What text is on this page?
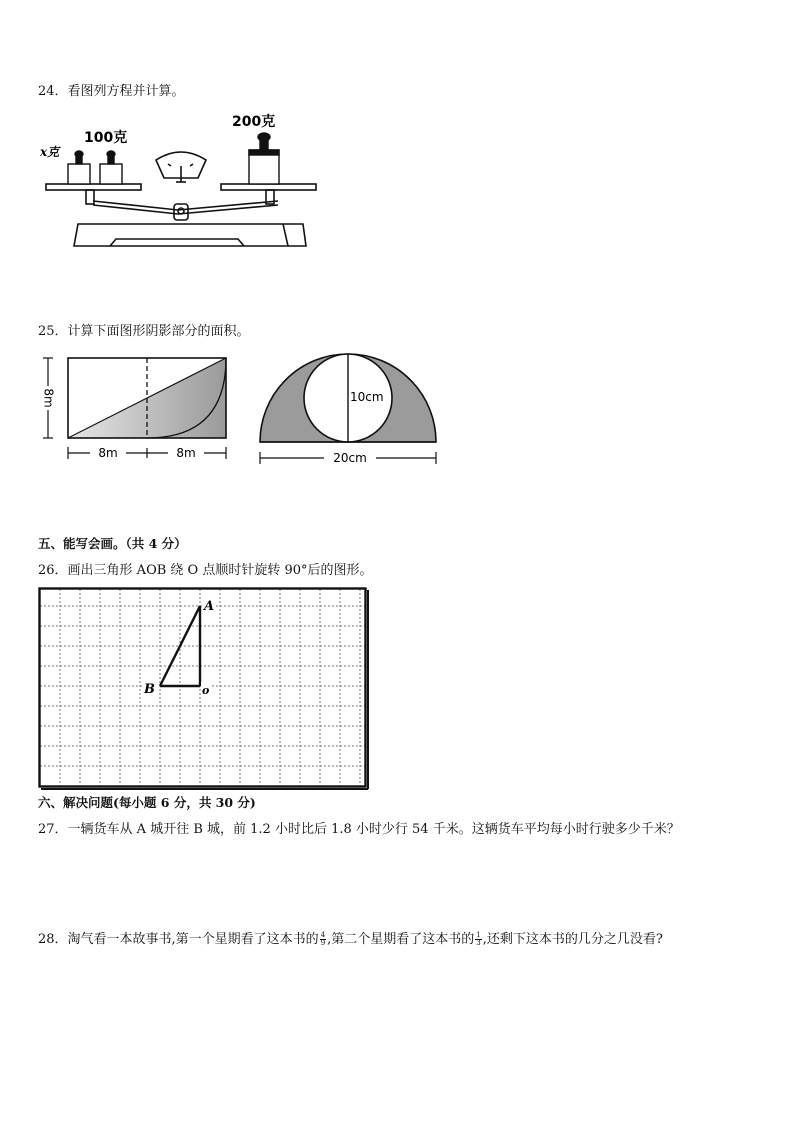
24．看图列方程并计算。
x克
100克
200克
25．计算下面图形阴影部分的面积。
8m
8m	8m
10cm
20cm
五、能写会画。（共 4 分）
26．画出三角形 AOB 绕 O 点顺时针旋转 90°后的图形。
A
B	o
六、解决问题(每小题 6 分，共 30 分)
27．一辆货车从 A 城开往 B 城，前 1.2 小时比后 1.8 小时少行 54 千米。这辆货车平均每小时行驶多少千米？
28．淘气看一本故事书,第一个星期看了这本书的 $\frac{4}{9}$ ,第二个星期看了这本书的 $\frac{1}{3}$ ,还剩下这本书的几分之几没看?
